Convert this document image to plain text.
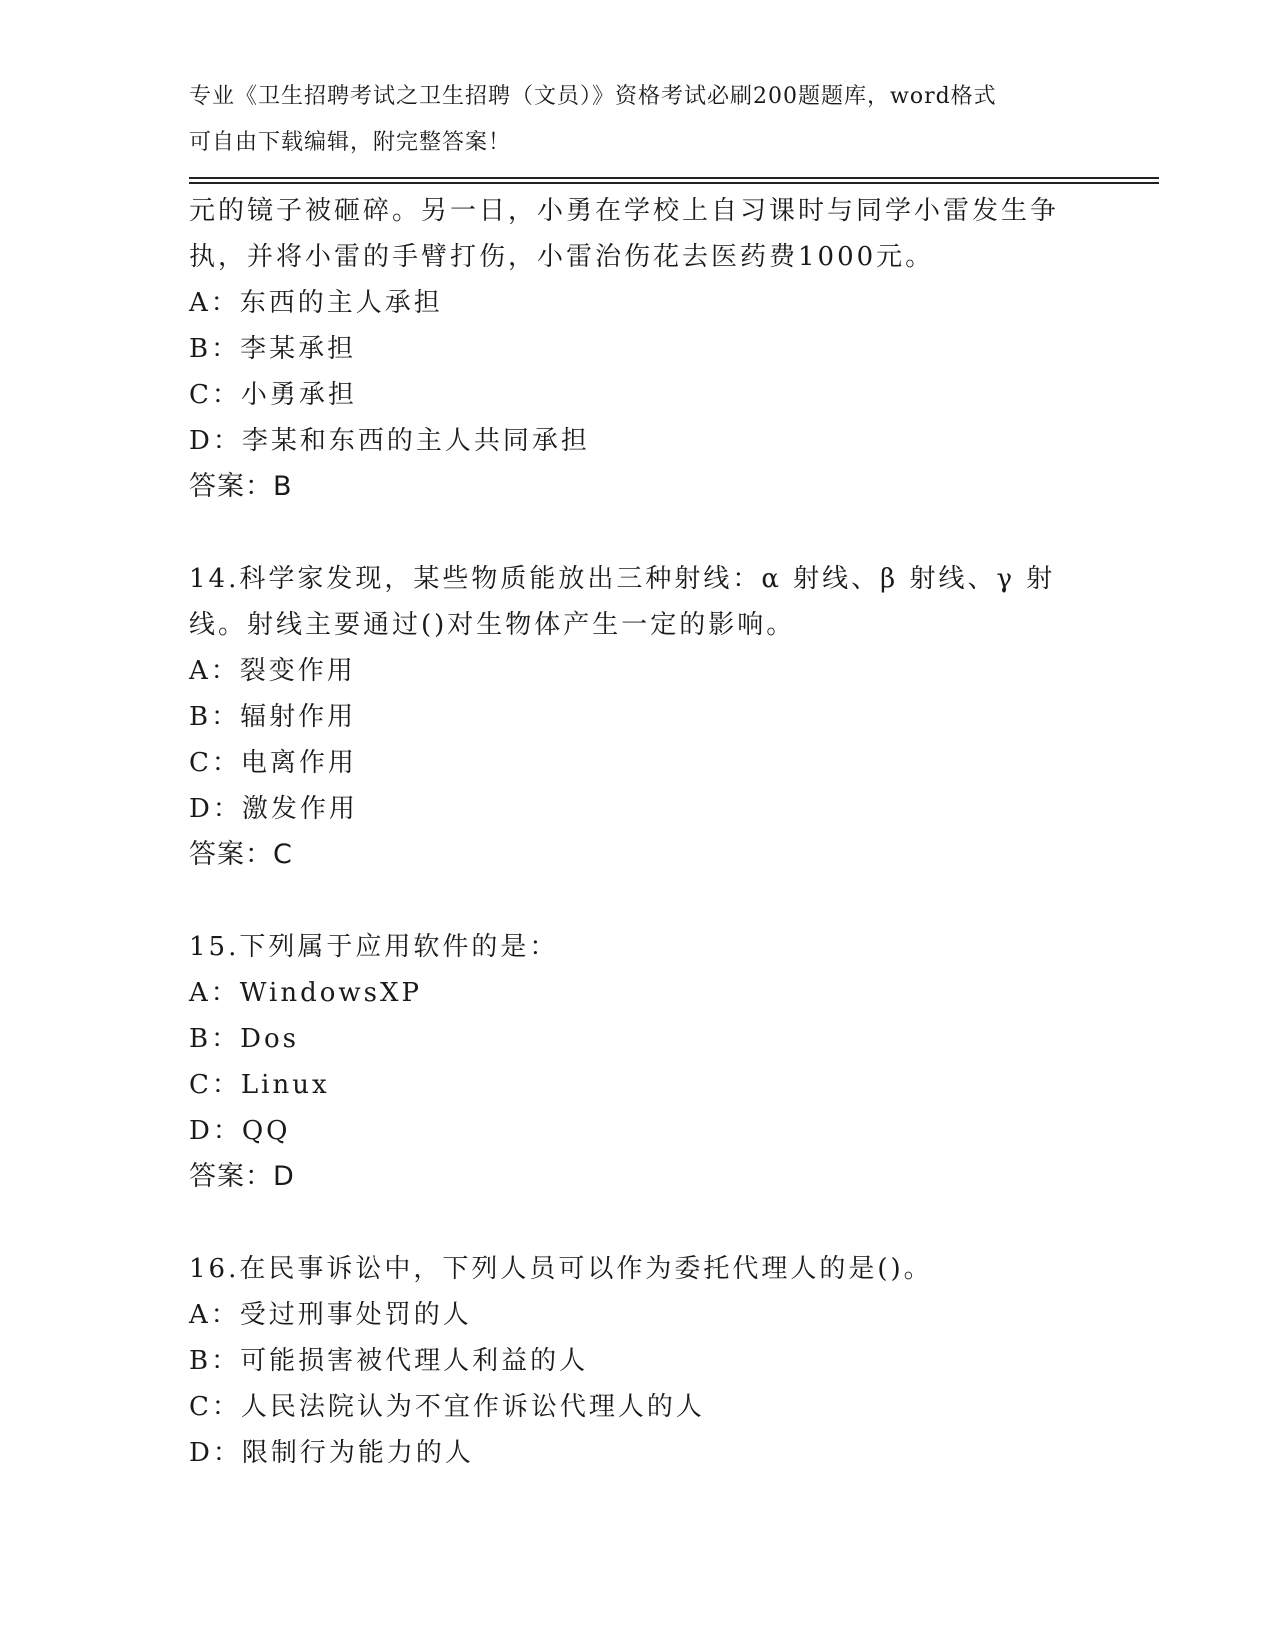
专业《卫生招聘考试之卫生招聘（文员）》资格考试必刷200题题库，word格式
可自由下载编辑，附完整答案！
元的镜子被砸碎。另一日，小勇在学校上自习课时与同学小雷发生争
执，并将小雷的手臂打伤，小雷治伤花去医药费1000元。
A：东西的主人承担
B：李某承担
C：小勇承担
D：李某和东西的主人共同承担
答案：B
14.科学家发现，某些物质能放出三种射线：α 射线、β 射线、γ 射
线。射线主要通过()对生物体产生一定的影响。
A：裂变作用
B：辐射作用
C：电离作用
D：激发作用
答案：C
15.下列属于应用软件的是：
A：WindowsXP
B：Dos
C：Linux
D：QQ
答案：D
16.在民事诉讼中，下列人员可以作为委托代理人的是()。
A：受过刑事处罚的人
B：可能损害被代理人利益的人
C：人民法院认为不宜作诉讼代理人的人
D：限制行为能力的人
